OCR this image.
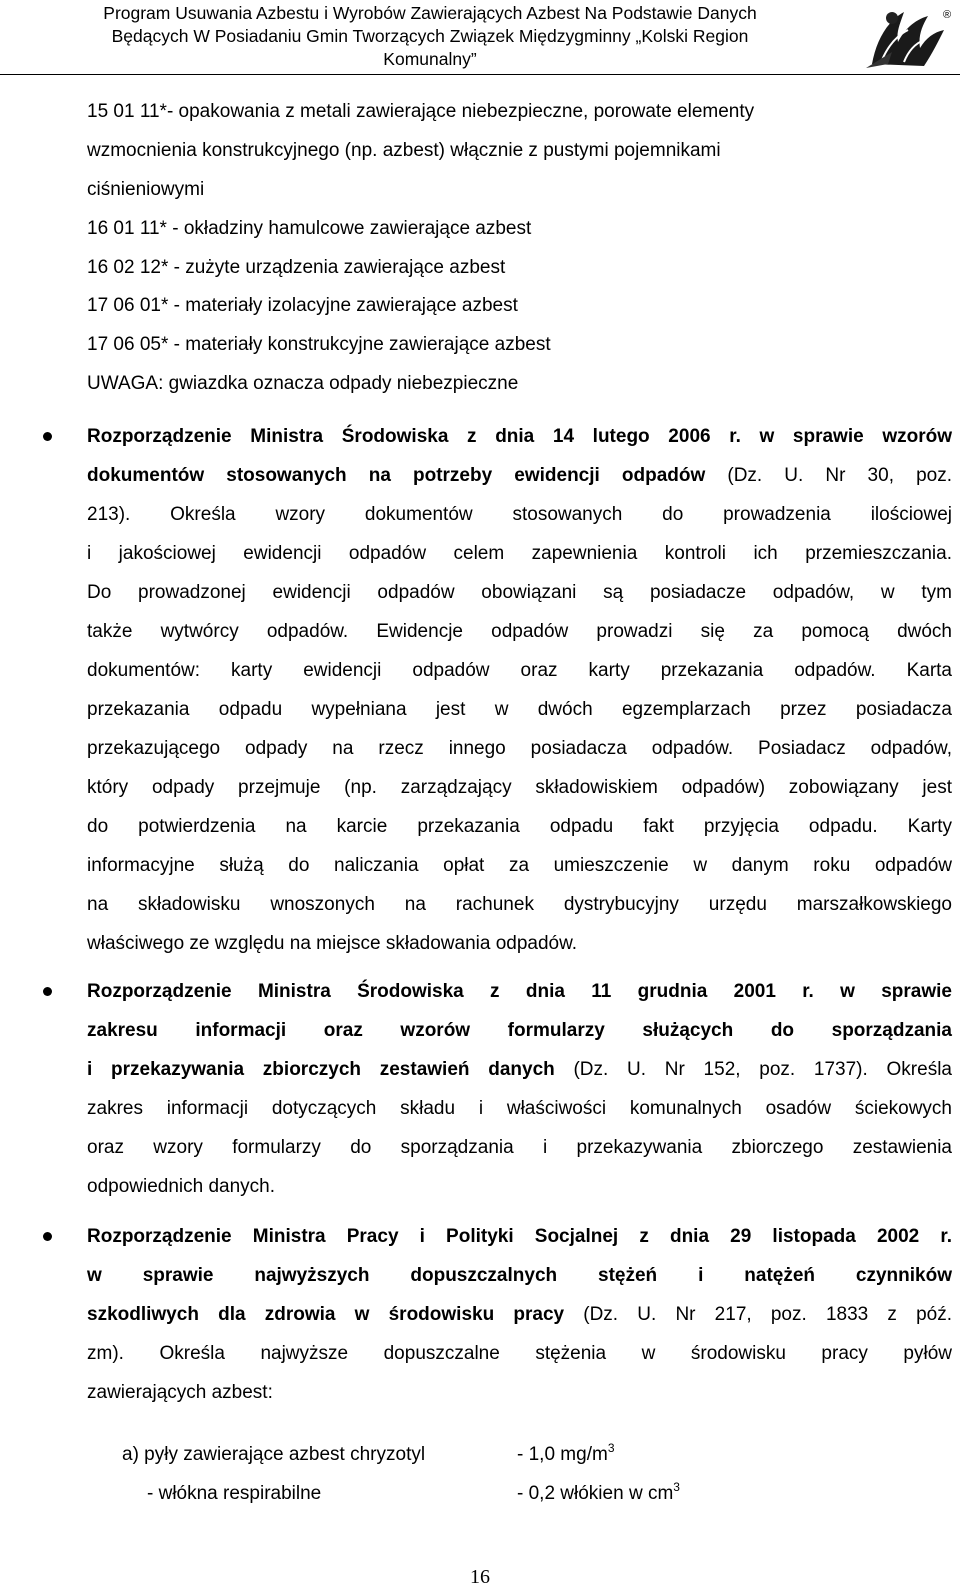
Program Usuwania Azbestu i Wyrobów Zawierających Azbest Na Podstawie Danych
Będących W Posiadaniu Gmin Tworzących Związek Międzygminny „Kolski Region
Komunalny”
®
15 01 11*- opakowania z metali zawierające niebezpieczne, porowate elementy
wzmocnienia konstrukcyjnego (np. azbest) włącznie z pustymi pojemnikami
ciśnieniowymi
16 01 11* - okładziny hamulcowe zawierające azbest
16 02 12* - zużyte urządzenia zawierające azbest
17 06 01* - materiały izolacyjne zawierające azbest
17 06 05* - materiały konstrukcyjne zawierające azbest
UWAGA: gwiazdka oznacza odpady niebezpieczne
Rozporządzenie Ministra Środowiska z dnia 14 lutego 2006 r. w sprawie wzorów
dokumentów stosowanych na potrzeby ewidencji odpadów (Dz. U. Nr 30, poz.
213). Określa wzory dokumentów stosowanych do prowadzenia ilościowej
i jakościowej ewidencji odpadów celem zapewnienia kontroli ich przemieszczania.
Do prowadzonej ewidencji odpadów obowiązani są posiadacze odpadów, w tym
także wytwórcy odpadów. Ewidencje odpadów prowadzi się za pomocą dwóch
dokumentów: karty ewidencji odpadów oraz karty przekazania odpadów. Karta
przekazania odpadu wypełniana jest w dwóch egzemplarzach przez posiadacza
przekazującego odpady na rzecz innego posiadacza odpadów. Posiadacz odpadów,
który odpady przejmuje (np. zarządzający składowiskiem odpadów) zobowiązany jest
do potwierdzenia na karcie przekazania odpadu fakt przyjęcia odpadu. Karty
informacyjne służą do naliczania opłat za umieszczenie w danym roku odpadów
na składowisku wnoszonych na rachunek dystrybucyjny urzędu marszałkowskiego
właściwego ze względu na miejsce składowania odpadów.
Rozporządzenie Ministra Środowiska z dnia 11 grudnia 2001 r. w sprawie
zakresu informacji oraz wzorów formularzy służących do sporządzania
i przekazywania zbiorczych zestawień danych (Dz. U. Nr 152, poz. 1737). Określa
zakres informacji dotyczących składu i właściwości komunalnych osadów ściekowych
oraz wzory formularzy do sporządzania i przekazywania zbiorczego zestawienia
odpowiednich danych.
Rozporządzenie Ministra Pracy i Polityki Socjalnej z dnia 29 listopada 2002 r.
w sprawie najwyższych dopuszczalnych stężeń i natężeń czynników
szkodliwych dla zdrowia w środowisku pracy (Dz. U. Nr 217, poz. 1833 z póź.
zm). Określa najwyższe dopuszczalne stężenia w środowisku pracy pyłów
zawierających azbest:
a) pyły zawierające azbest chryzotyl	- 1,0 $mg/m^3$
- włókna respirabilne	- 0,2 włókien w $cm^3$
16
